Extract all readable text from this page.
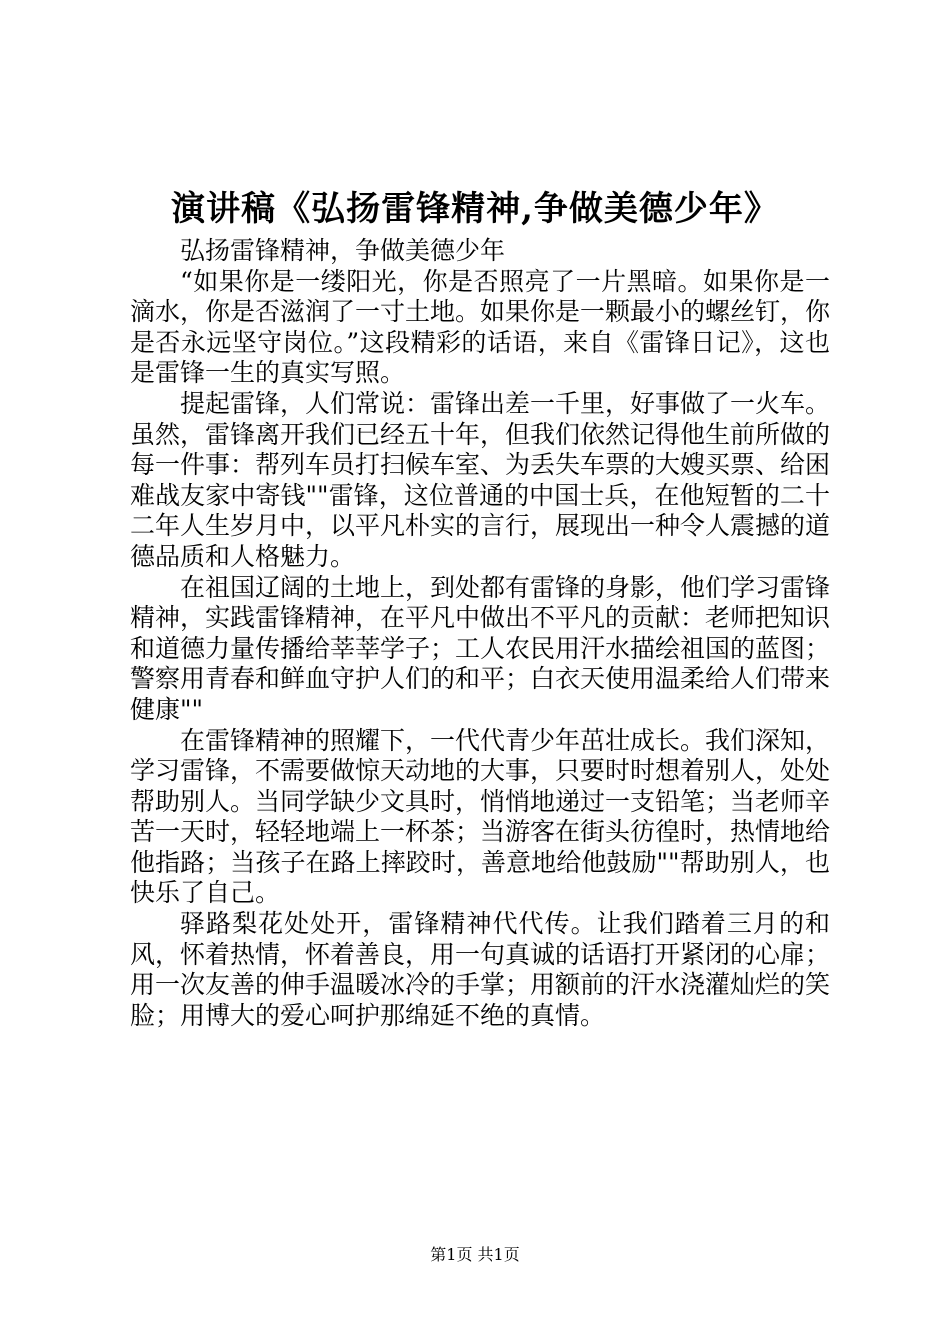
演讲稿《弘扬雷锋精神,争做美德少年》

弘扬雷锋精神，争做美德少年

“如果你是一缕阳光，你是否照亮了一片黑暗。如果你是一滴水，你是否滋润了一寸土地。如果你是一颗最小的螺丝钉，你是否永远坚守岗位。”这段精彩的话语，来自《雷锋日记》，这也是雷锋一生的真实写照。

提起雷锋，人们常说：雷锋出差一千里，好事做了一火车。虽然，雷锋离开我们已经五十年，但我们依然记得他生前所做的每一件事：帮列车员打扫候车室、为丢失车票的大嫂买票、给困难战友家中寄钱""雷锋，这位普通的中国士兵，在他短暂的二十二年人生岁月中，以平凡朴实的言行，展现出一种令人震撼的道德品质和人格魅力。

在祖国辽阔的土地上，到处都有雷锋的身影，他们学习雷锋精神，实践雷锋精神，在平凡中做出不平凡的贡献：老师把知识和道德力量传播给莘莘学子；工人农民用汗水描绘祖国的蓝图；警察用青春和鲜血守护人们的和平；白衣天使用温柔给人们带来健康""

在雷锋精神的照耀下，一代代青少年茁壮成长。我们深知，学习雷锋，不需要做惊天动地的大事，只要时时想着别人，处处帮助别人。当同学缺少文具时，悄悄地递过一支铅笔；当老师辛苦一天时，轻轻地端上一杯茶；当游客在街头彷徨时，热情地给他指路；当孩子在路上摔跤时，善意地给他鼓励""帮助别人，也快乐了自己。

驿路梨花处处开，雷锋精神代代传。让我们踏着三月的和风，怀着热情，怀着善良，用一句真诚的话语打开紧闭的心扉；用一次友善的伸手温暖冰冷的手掌；用额前的汗水浇灌灿烂的笑脸；用博大的爱心呵护那绵延不绝的真情。

第1页 共1页
